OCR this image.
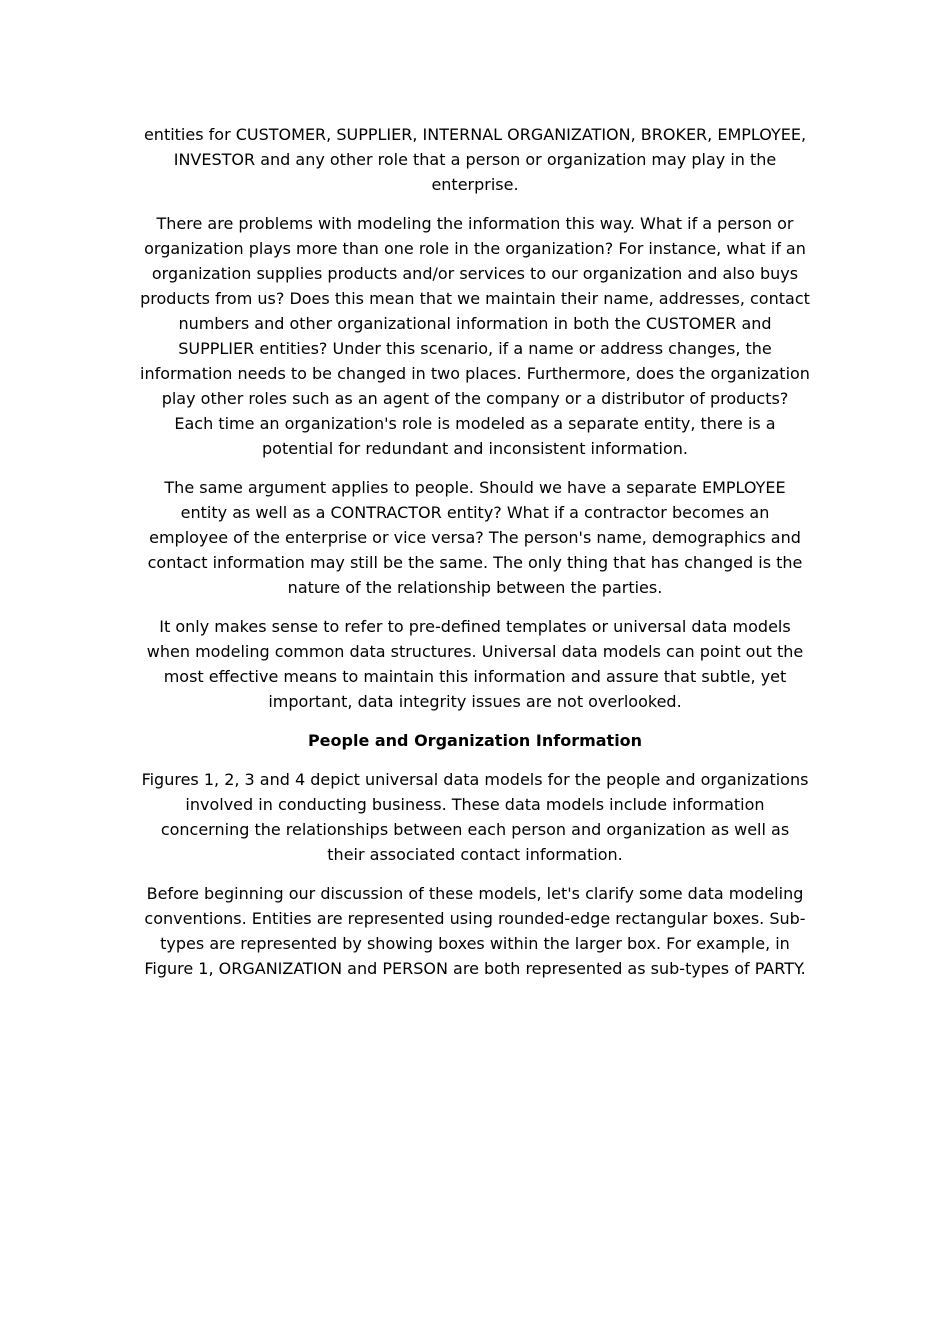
entities for CUSTOMER, SUPPLIER, INTERNAL ORGANIZATION, BROKER, EMPLOYEE, INVESTOR and any other role that a person or organization may play in the enterprise.

There are problems with modeling the information this way. What if a person or organization plays more than one role in the organization? For instance, what if an organization supplies products and/or services to our organization and also buys products from us? Does this mean that we maintain their name, addresses, contact numbers and other organizational information in both the CUSTOMER and SUPPLIER entities? Under this scenario, if a name or address changes, the information needs to be changed in two places. Furthermore, does the organization play other roles such as an agent of the company or a distributor of products? Each time an organization's role is modeled as a separate entity, there is a potential for redundant and inconsistent information.

The same argument applies to people. Should we have a separate EMPLOYEE entity as well as a CONTRACTOR entity? What if a contractor becomes an employee of the enterprise or vice versa? The person's name, demographics and contact information may still be the same. The only thing that has changed is the nature of the relationship between the parties.

It only makes sense to refer to pre-defined templates or universal data models when modeling common data structures. Universal data models can point out the most effective means to maintain this information and assure that subtle, yet important, data integrity issues are not overlooked.

People and Organization Information

Figures 1, 2, 3 and 4 depict universal data models for the people and organizations involved in conducting business. These data models include information concerning the relationships between each person and organization as well as their associated contact information.

Before beginning our discussion of these models, let's clarify some data modeling conventions. Entities are represented using rounded-edge rectangular boxes. Sub-types are represented by showing boxes within the larger box. For example, in Figure 1, ORGANIZATION and PERSON are both represented as sub-types of PARTY.
